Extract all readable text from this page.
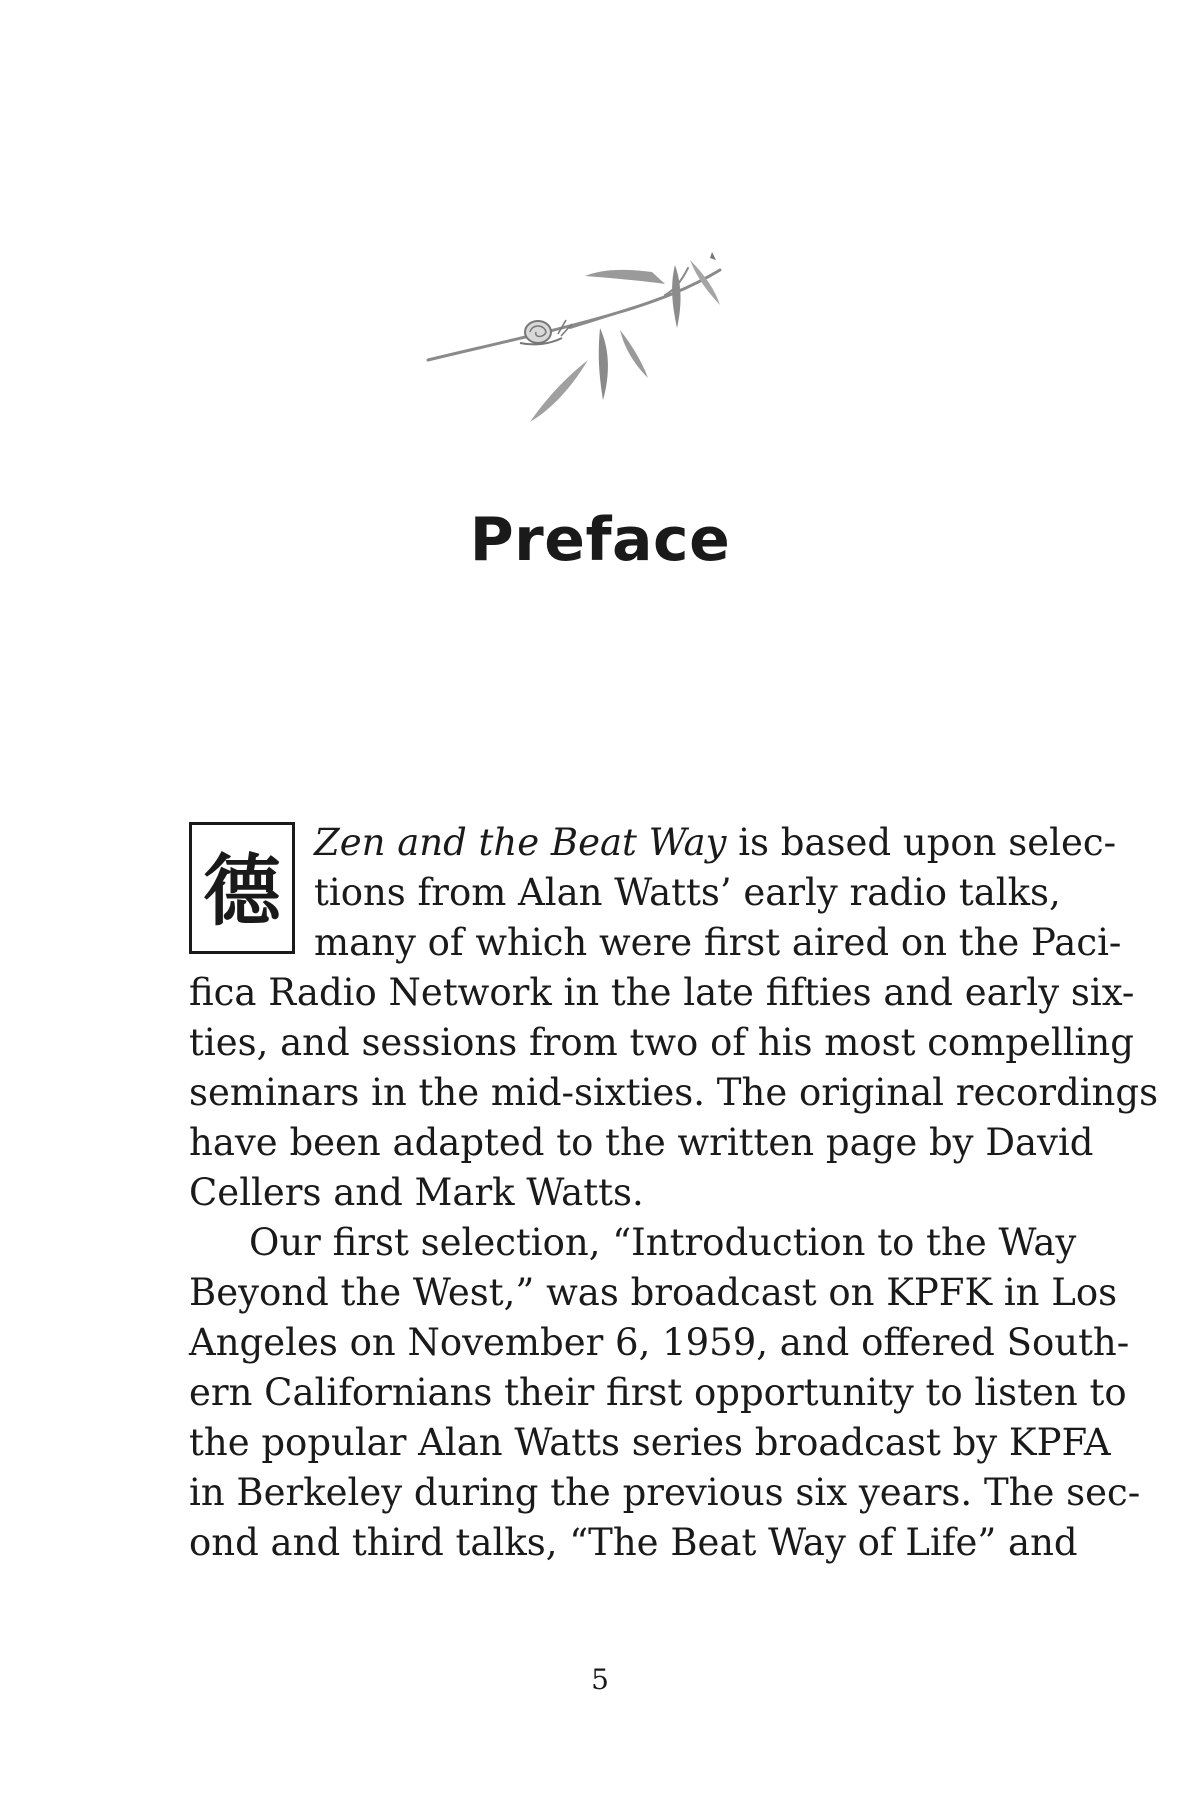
Preface
德
Zen and the Beat Way is based upon selec-
tions from Alan Watts’ early radio talks,
many of which were first aired on the Paci-
fica Radio Network in the late fifties and early six-
ties, and sessions from two of his most compelling
seminars in the mid-sixties. The original recordings
have been adapted to the written page by David
Cellers and Mark Watts.
Our first selection, “Introduction to the Way
Beyond the West,” was broadcast on KPFK in Los
Angeles on November 6, 1959, and offered South-
ern Californians their first opportunity to listen to
the popular Alan Watts series broadcast by KPFA
in Berkeley during the previous six years. The sec-
ond and third talks, “The Beat Way of Life” and
5
